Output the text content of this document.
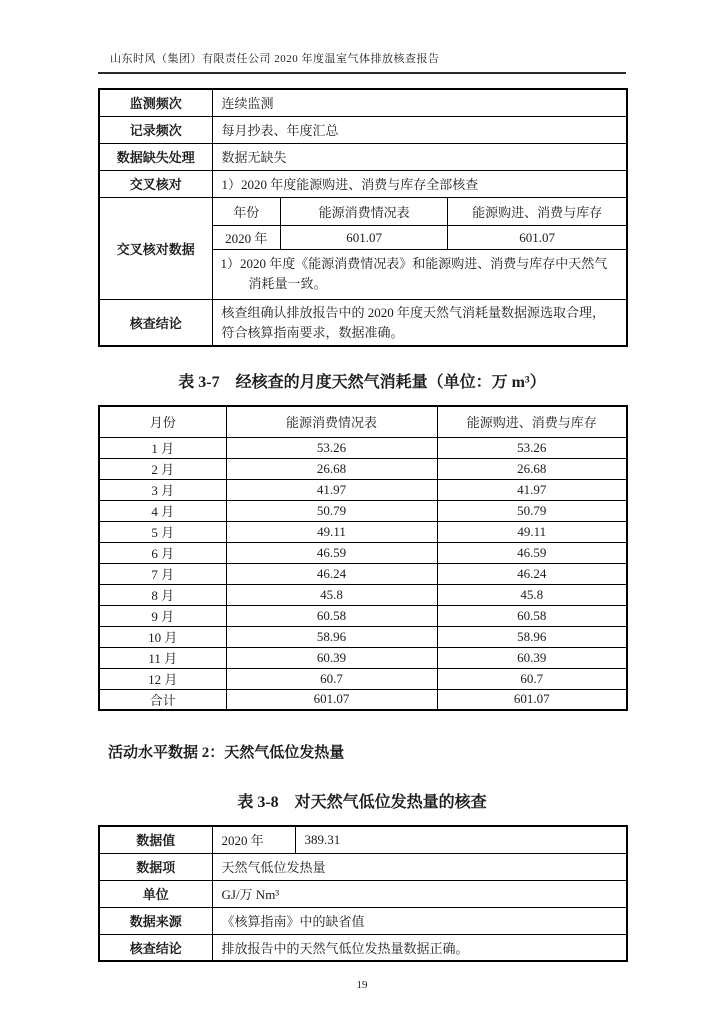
山东时风（集团）有限责任公司 2020 年度温室气体排放核查报告
监测频次	连续监测
记录频次	每月抄表、年度汇总
数据缺失处理	数据无缺失
交叉核对	1）2020 年度能源购进、消费与库存全部核查
交叉核对数据	
年份	能源消费情况表	能源购进、消费与库存
2020 年	601.07	601.07
1）2020 年度《能源消费情况表》和能源购进、消费与库存中天然气消耗量一致。

核查结论	核查组确认排放报告中的 2020 年度天然气消耗量数据源选取合理，符合核算指南要求，数据准确。
表 3-7　经核查的月度天然气消耗量（单位：万 m³）
月份	能源消费情况表	能源购进、消费与库存
1 月	53.26	53.26
2 月	26.68	26.68
3 月	41.97	41.97
4 月	50.79	50.79
5 月	49.11	49.11
6 月	46.59	46.59
7 月	46.24	46.24
8 月	45.8	45.8
9 月	60.58	60.58
10 月	58.96	58.96
11 月	60.39	60.39
12 月	60.7	60.7
合计	601.07	601.07
活动水平数据 2：天然气低位发热量
表 3-8　对天然气低位发热量的核查
数据值	2020 年	389.31
数据项	天然气低位发热量	
单位	GJ/万 Nm³	
数据来源	《核算指南》中的缺省值	
核查结论	排放报告中的天然气低位发热量数据正确。	
19
